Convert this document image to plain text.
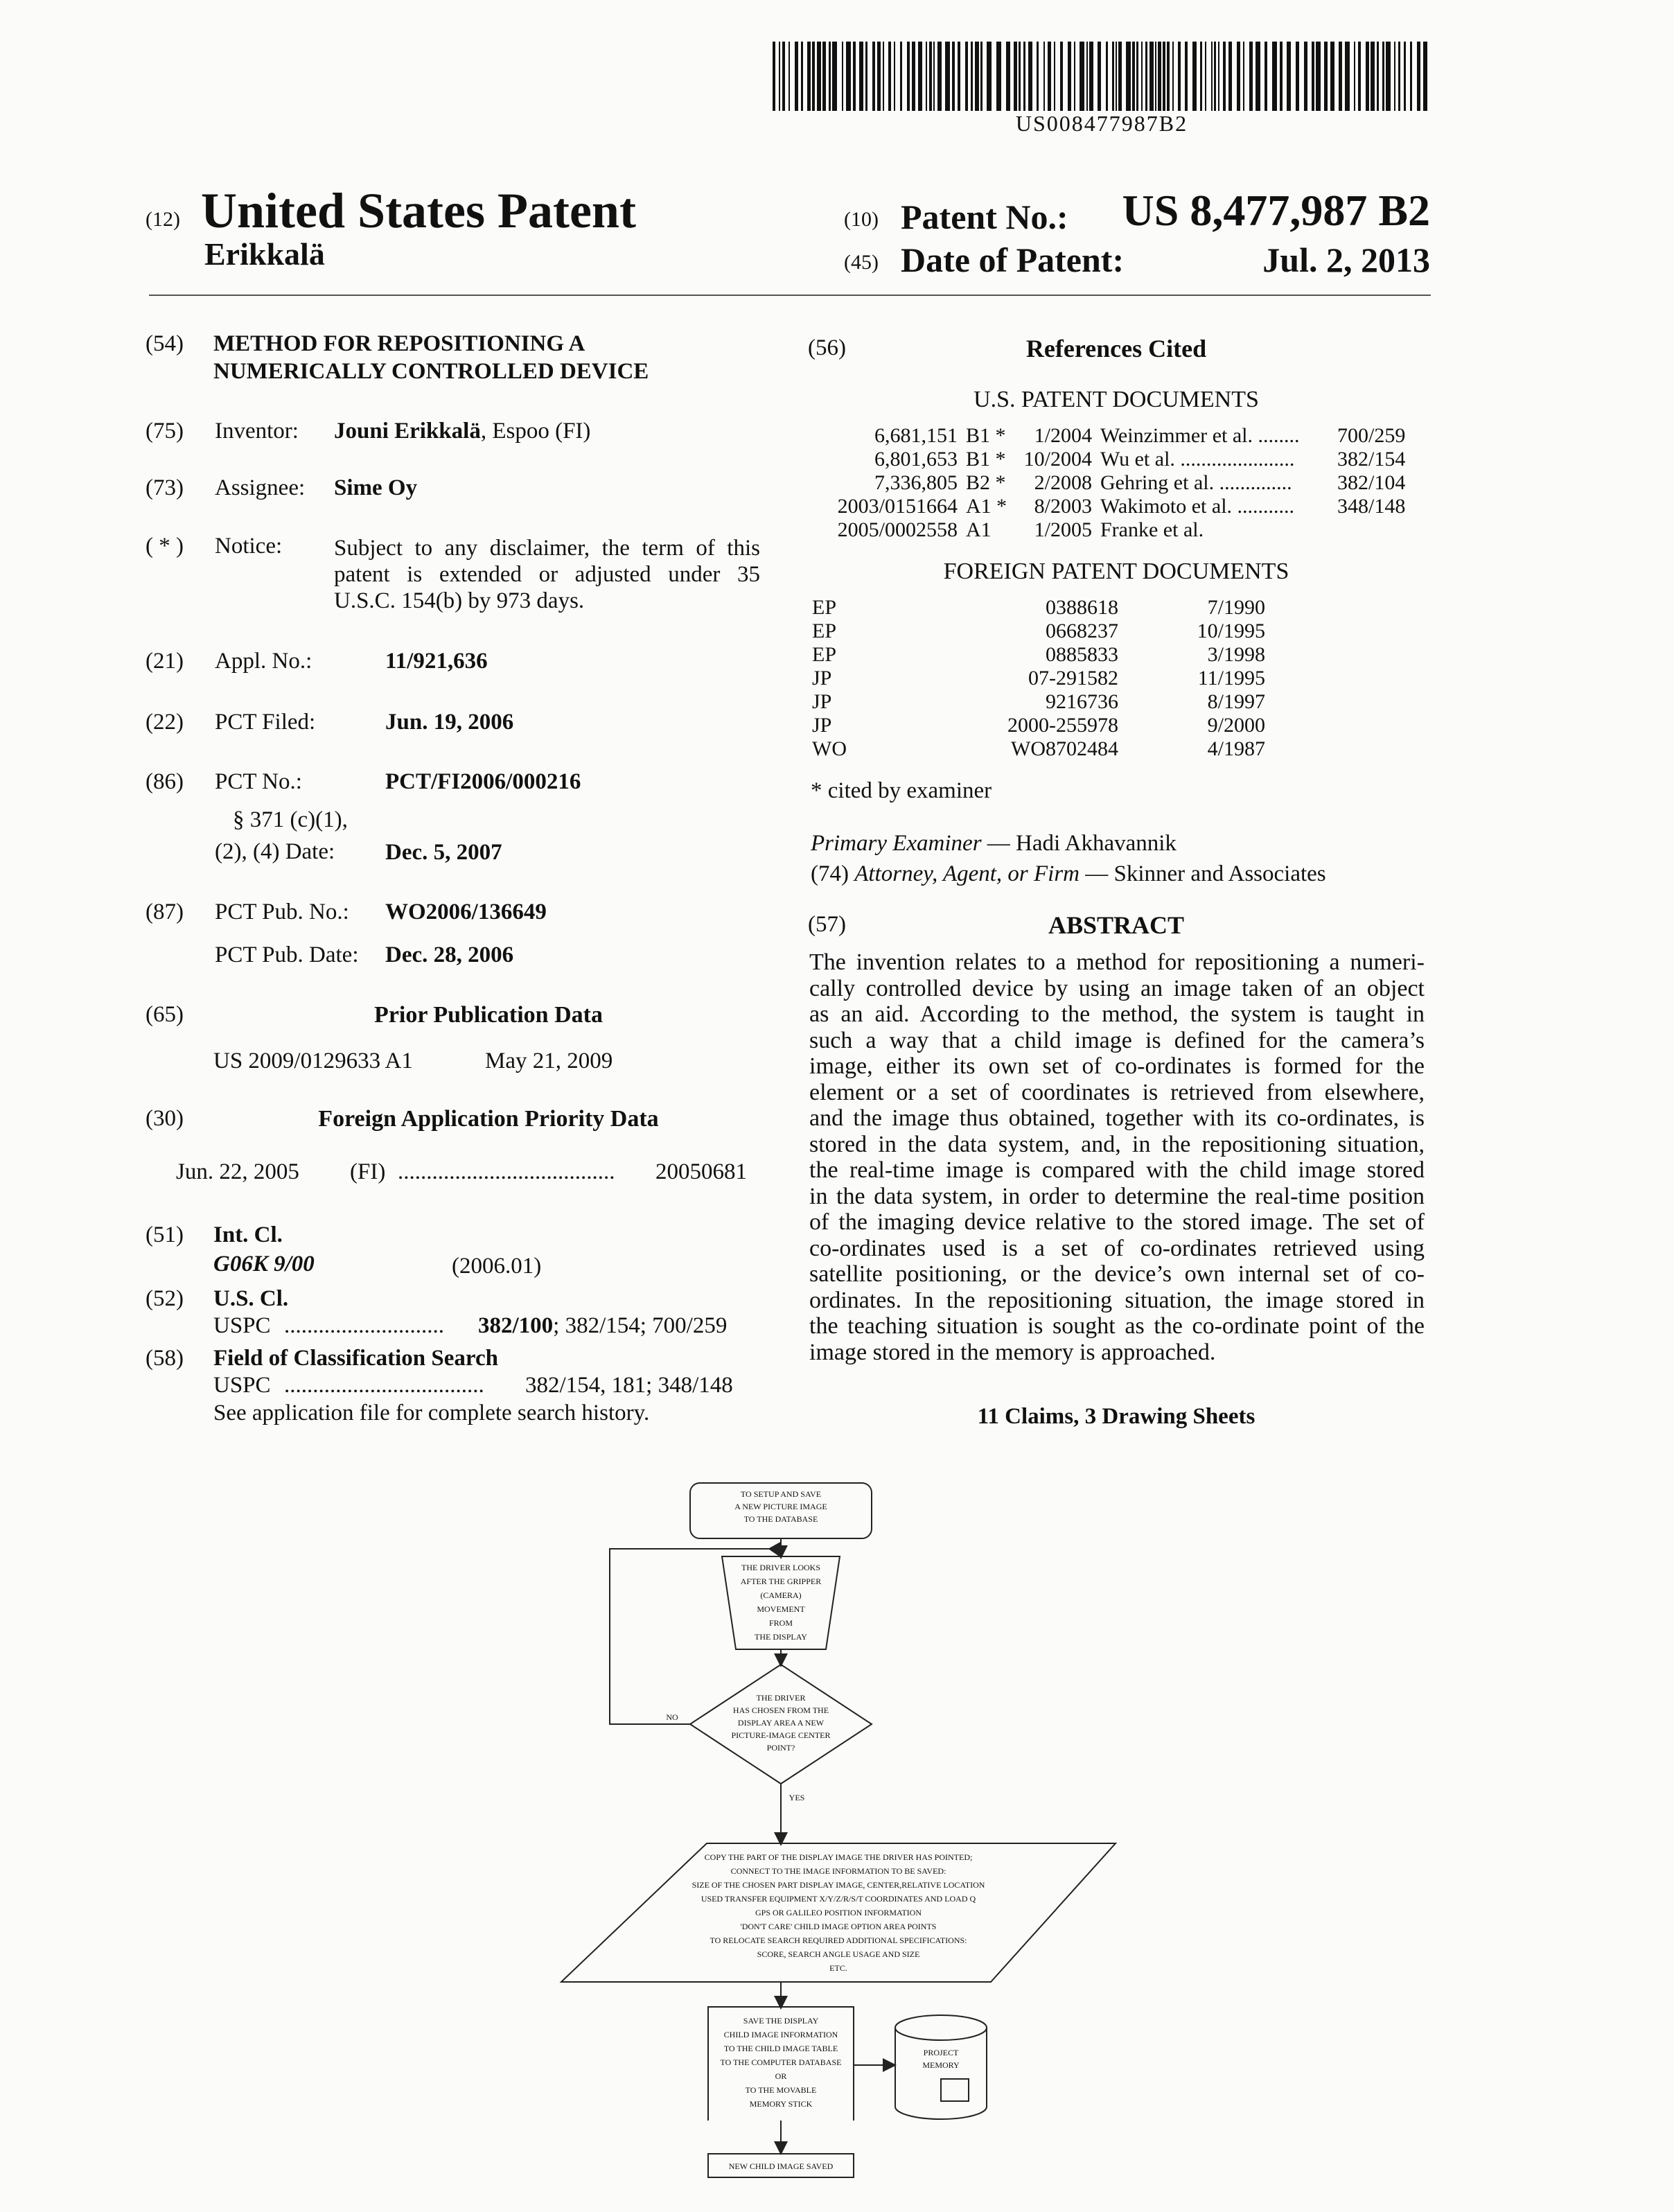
US008477987B2
(12) United States Patent
Erikkalä
(10) Patent No.: US 8,477,987 B2
(45) Date of Patent:	Jul. 2, 2013
(54)	METHOD FOR REPOSITIONING A
NUMERICALLY CONTROLLED DEVICE
(75)	Inventor: Jouni Erikkalä, Espoo (FI)
(73)	Assignee: Sime Oy
( * )	Notice: Subject to any disclaimer, the term of this
patent is extended or adjusted under 35
U.S.C. 154(b) by 973 days.
(21)	Appl. No.:	11/921,636
(22)	PCT Filed:	Jun. 19, 2006
(86)	PCT No.:	PCT/FI2006/000216
§ 371 (c)(1),
(2), (4) Date: Dec. 5, 2007
(87)	PCT Pub. No.: WO2006/136649
PCT Pub. Date: Dec. 28, 2006
(65)	Prior Publication Data
US 2009/0129633 A1	May 21, 2009
(30)	Foreign Application Priority Data
Jun. 22, 2005 (FI) ......................................	20050681
(51)	Int. Cl.
G06K 9/00	(2006.01)
(52)	U.S. Cl.
USPC ............................	382/100; 382/154; 700/259
(58)	Field of Classification Search
USPC ...................................	382/154, 181; 348/148
See application file for complete search history.
(56)	References Cited
U.S. PATENT DOCUMENTS
6,681,151	B1 *	1/2004	Weinzimmer et al. ........	700/259
6,801,653	B1 *	10/2004	Wu et al. ......................	382/154
7,336,805	B2 *	2/2008	Gehring et al. ..............	382/104
2003/0151664	A1 *	8/2003	Wakimoto et al. ...........	348/148
2005/0002558	A1	1/2005	Franke et al.	
FOREIGN PATENT DOCUMENTS
EP	0388618	7/1990
EP	0668237	10/1995
EP	0885833	3/1998
JP	07-291582	11/1995
JP	9216736	8/1997
JP	2000-255978	9/2000
WO	WO8702484	4/1987
* cited by examiner
Primary Examiner — Hadi Akhavannik
(74) Attorney, Agent, or Firm — Skinner and Associates
(57)	ABSTRACT
The invention relates to a method for repositioning a numeri-
cally controlled device by using an image taken of an object
as an aid. According to the method, the system is taught in
such a way that a child image is defined for the camera’s
image, either its own set of co-ordinates is formed for the
element or a set of coordinates is retrieved from elsewhere,
and the image thus obtained, together with its co-ordinates, is
stored in the data system, and, in the repositioning situation,
the real-time image is compared with the child image stored
in the data system, in order to determine the real-time position
of the imaging device relative to the stored image. The set of
co-ordinates used is a set of co-ordinates retrieved using
satellite positioning, or the device’s own internal set of co-
ordinates. In the repositioning situation, the image stored in
the teaching situation is sought as the co-ordinate point of the
image stored in the memory is approached.
11 Claims, 3 Drawing Sheets
TO SETUP AND SAVE
A NEW PICTURE IMAGE
TO THE DATABASE
THE DRIVER LOOKS
AFTER THE GRIPPER
(CAMERA)
MOVEMENT
FROM
THE DISPLAY
THE DRIVER
HAS CHOSEN FROM THE
DISPLAY AREA A NEW
PICTURE-IMAGE CENTER
POINT?
NO
YES
COPY THE PART OF THE DISPLAY IMAGE THE DRIVER HAS POINTED;
CONNECT TO THE IMAGE INFORMATION TO BE SAVED:
SIZE OF THE CHOSEN PART DISPLAY IMAGE, CENTER,RELATIVE LOCATION
USED TRANSFER EQUIPMENT X/Y/Z/R/S/T COORDINATES AND LOAD Q
GPS OR GALILEO POSITION INFORMATION
'DON'T CARE' CHILD IMAGE OPTION AREA POINTS
TO RELOCATE SEARCH REQUIRED ADDITIONAL SPECIFICATIONS:
SCORE, SEARCH ANGLE USAGE AND SIZE
ETC.
SAVE THE DISPLAY
CHILD IMAGE INFORMATION
TO THE CHILD IMAGE TABLE
TO THE COMPUTER DATABASE
OR
TO THE MOVABLE
MEMORY STICK
PROJECT
MEMORY
NEW CHILD IMAGE SAVED
